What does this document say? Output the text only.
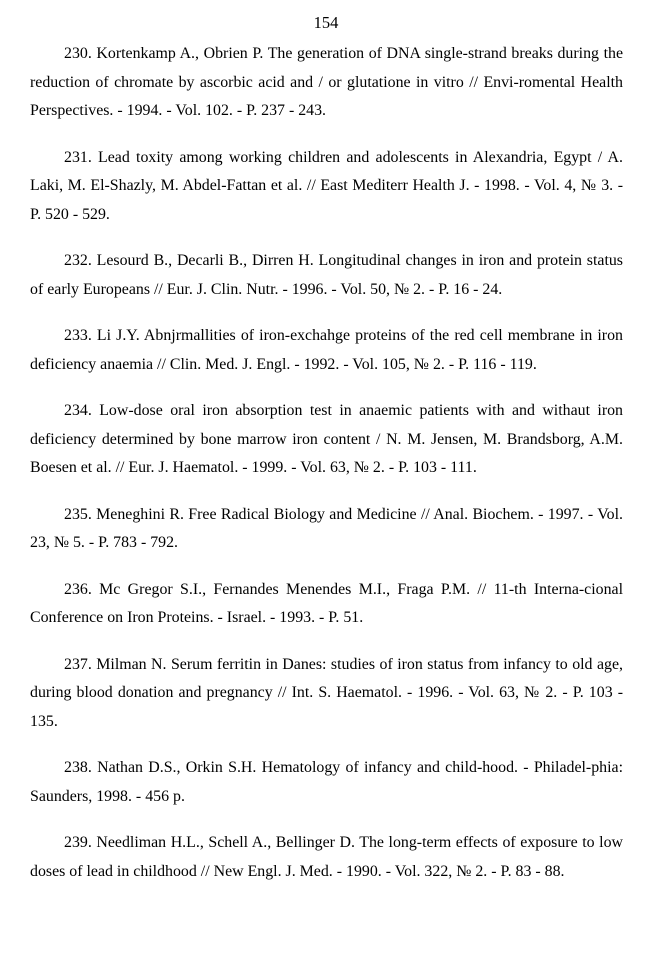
154
230. Kortenkamp A., Obrien P. The generation of DNA single-strand breaks during the reduction of chromate by ascorbic acid and / or glutatione in vitro // Envi-romental Health Perspectives. - 1994. - Vol. 102. - P. 237 - 243.
231. Lead toxity among working children and adolescents in Alexandria, Egypt / A. Laki, M. El-Shazly, M. Abdel-Fattan et al. // East Mediterr Health J. - 1998. - Vol. 4, № 3. - P. 520 - 529.
232. Lesourd B., Decarli B., Dirren H. Longitudinal changes in iron and protein status of early Europeans // Eur. J. Clin. Nutr. - 1996. - Vol. 50, № 2. - P. 16 - 24.
233. Li J.Y. Abnjrmallities of iron-exchahge proteins of the red cell membrane in iron deficiency anaemia // Clin. Med. J. Engl. - 1992. - Vol. 105, № 2. - P. 116 - 119.
234. Low-dose oral iron absorption test in anaemic patients with and withaut iron deficiency determined by bone marrow iron content / N. M. Jensen, M. Brandsborg, A.M. Boesen et al. // Eur. J. Haematol. - 1999. - Vol. 63, № 2. - P. 103 - 111.
235. Meneghini R. Free Radical Biology and Medicine // Anal. Biochem. - 1997. - Vol. 23, № 5. - P. 783 - 792.
236. Mc Gregor S.I., Fernandes Menendes M.I., Fraga P.M. // 11-th Interna-cional Conference on Iron Proteins. - Israel. - 1993. - P. 51.
237. Milman N. Serum ferritin in Danes: studies of iron status from infancy to old age, during blood donation and pregnancy // Int. S. Haematol. - 1996. - Vol. 63, № 2. - P. 103 - 135.
238. Nathan D.S., Orkin S.H. Hematology of infancy and child-hood. - Philadel-phia: Saunders, 1998. - 456 p.
239. Needliman H.L., Schell A., Bellinger D. The long-term effects of exposure to low doses of lead in childhood // New Engl. J. Med. - 1990. - Vol. 322, № 2. - P. 83 - 88.
